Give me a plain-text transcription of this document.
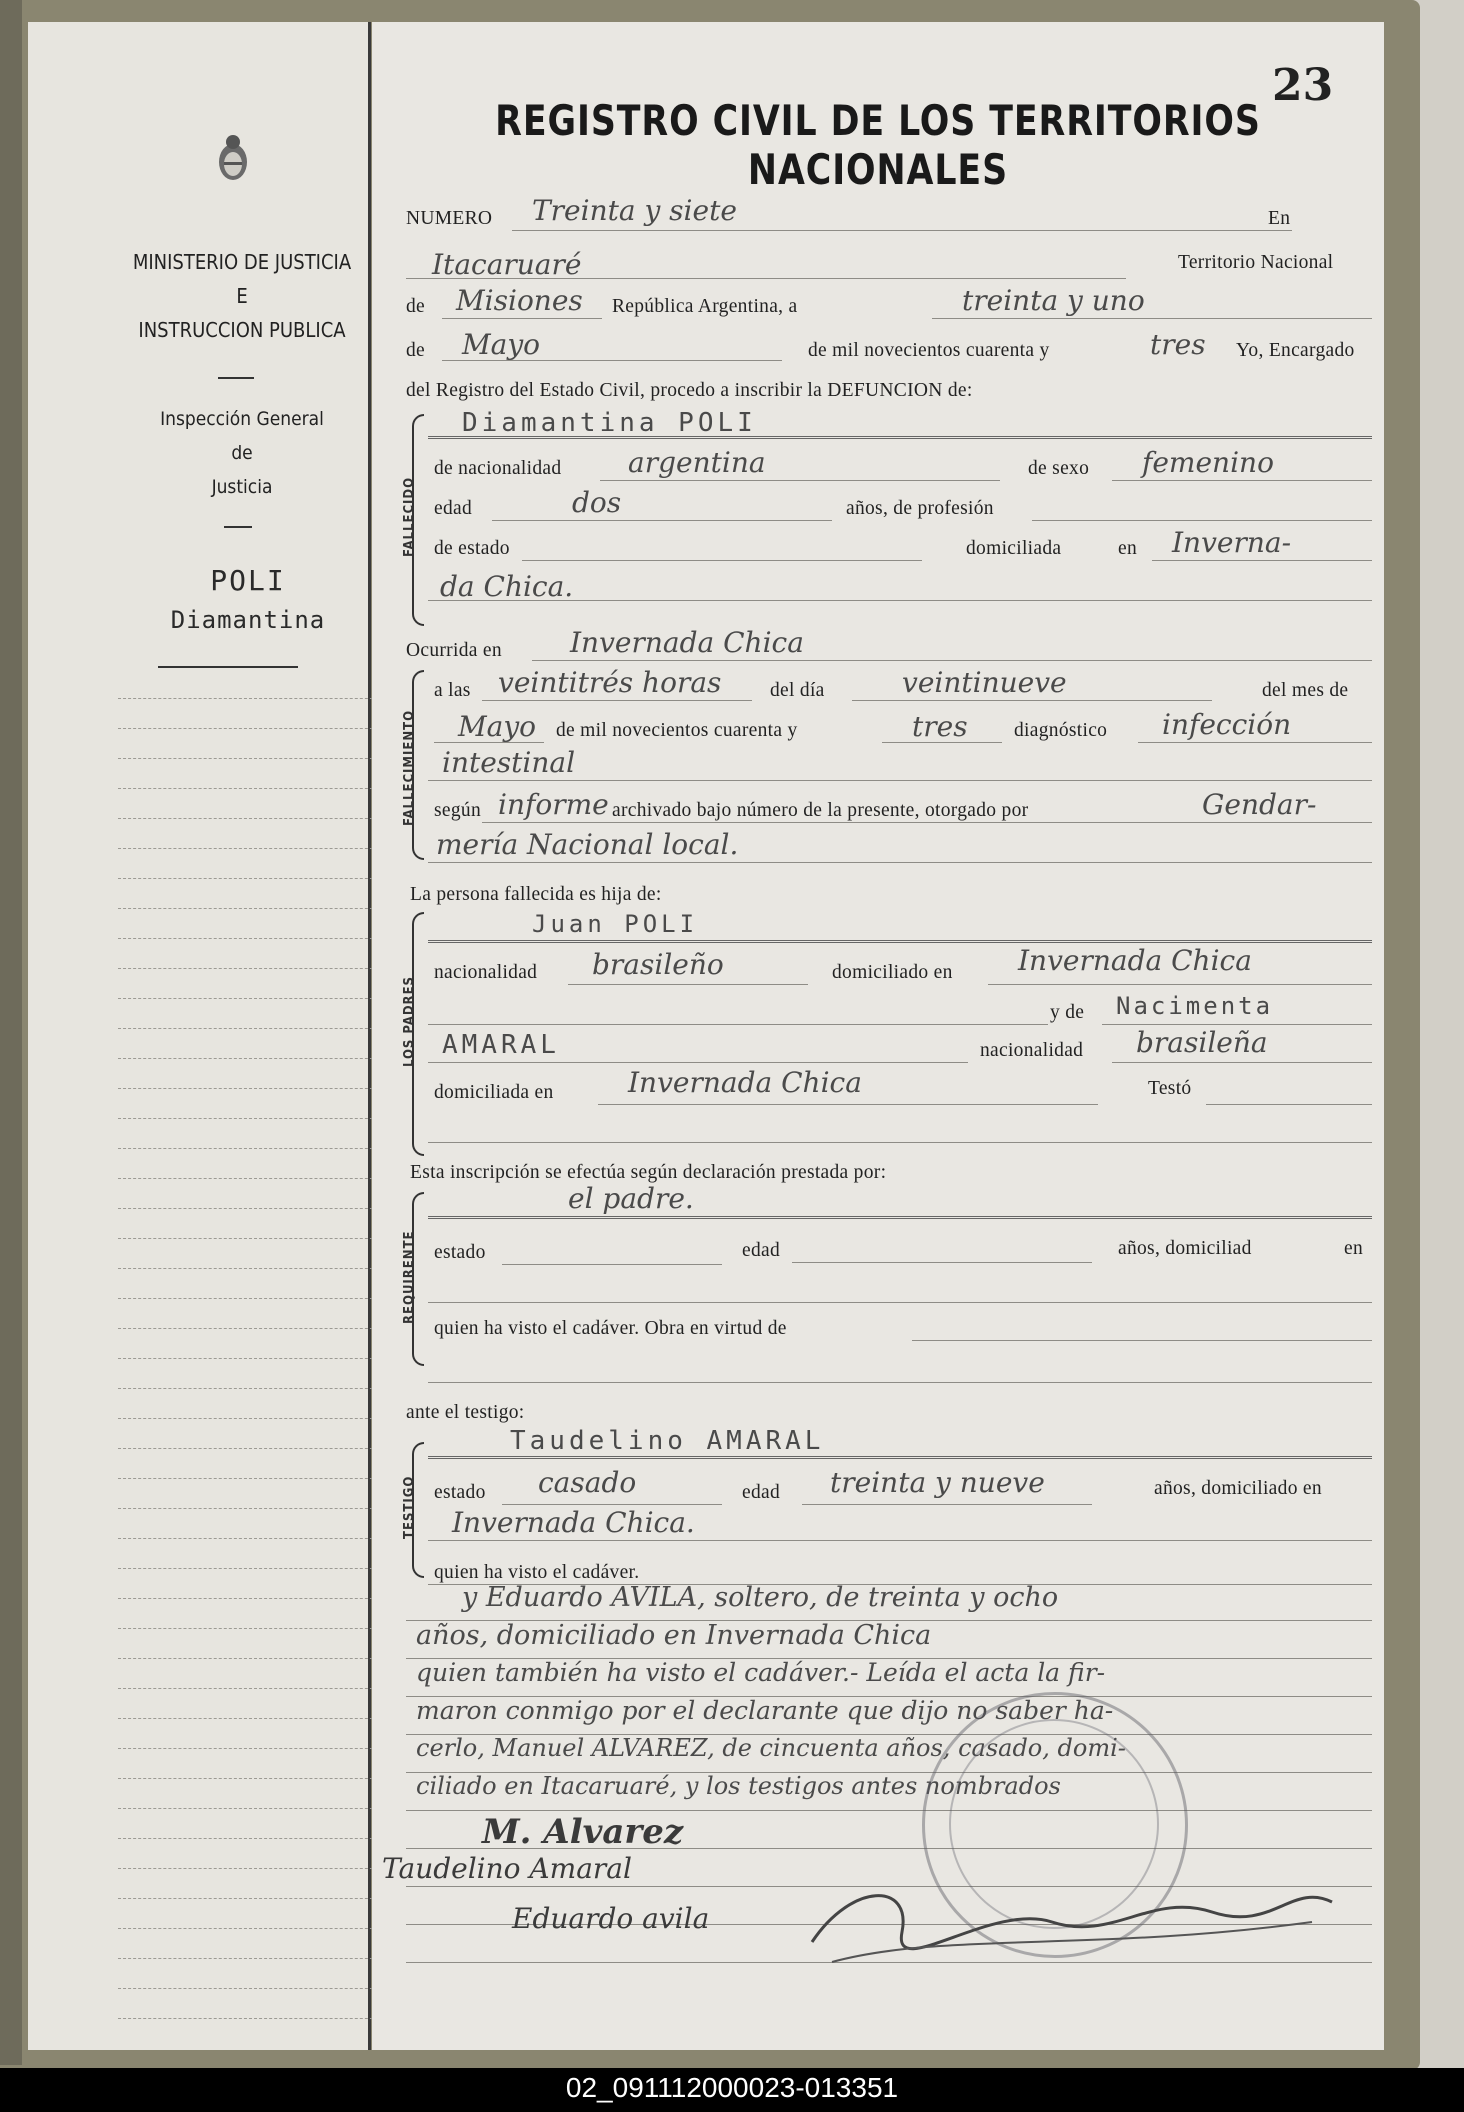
MINISTERIO DE JUSTICIA
E
INSTRUCCION PUBLICA
Inspección General
de
Justicia
POLI
Diamantina
23
REGISTRO CIVIL DE LOS TERRITORIOS NACIONALES
NUMERO Treinta y siete	En
Itacaruaré	Territorio Nacional
de Misiones República Argentina, a	treinta y uno
de Mayo	de mil novecientos cuarenta y	tres Yo, Encargado
del Registro del Estado Civil, procedo a inscribir la DEFUNCION de:
FALLECIDO
Diamantina POLI
de nacionalidad argentina	de sexo femenino
edad	dos	años, de profesión
de estado	domiciliada	en Inverna-
da Chica.
Ocurrida en Invernada Chica
FALLECIMIENTO
a las veintitrés horas del día	veintinueve	del mes de
Mayo de mil novecientos cuarenta y	tres diagnóstico infección
intestinal
según informe archivado bajo número de la presente, otorgado por	Gendar-
mería Nacional local.
La persona fallecida es hija de:
LOS PADRES
Juan POLI
nacionalidad brasileño	domiciliado en Invernada Chica
y de Nacimenta
AMARAL	nacionalidad brasileña
domiciliada en	Invernada Chica	Testó
Esta inscripción se efectúa según declaración prestada por:
REQUIRENTE
el padre.
estado	edad	años, domiciliad	en
quien ha visto el cadáver. Obra en virtud de
ante el testigo:
TESTIGO
Taudelino AMARAL
estado casado	edad treinta y nueve	años, domiciliado en
Invernada Chica.
quien ha visto el cadáver.
y Eduardo AVILA, soltero, de treinta y ocho
años, domiciliado en Invernada Chica
quien también ha visto el cadáver.- Leída el acta la fir-
maron conmigo por el declarante que dijo no saber ha-
cerlo, Manuel ALVAREZ, de cincuenta años, casado, domi-
ciliado en Itacaruaré, y los testigos antes nombrados
M. Alvarez
Taudelino Amaral
Eduardo avila
02_091112000023-013351
